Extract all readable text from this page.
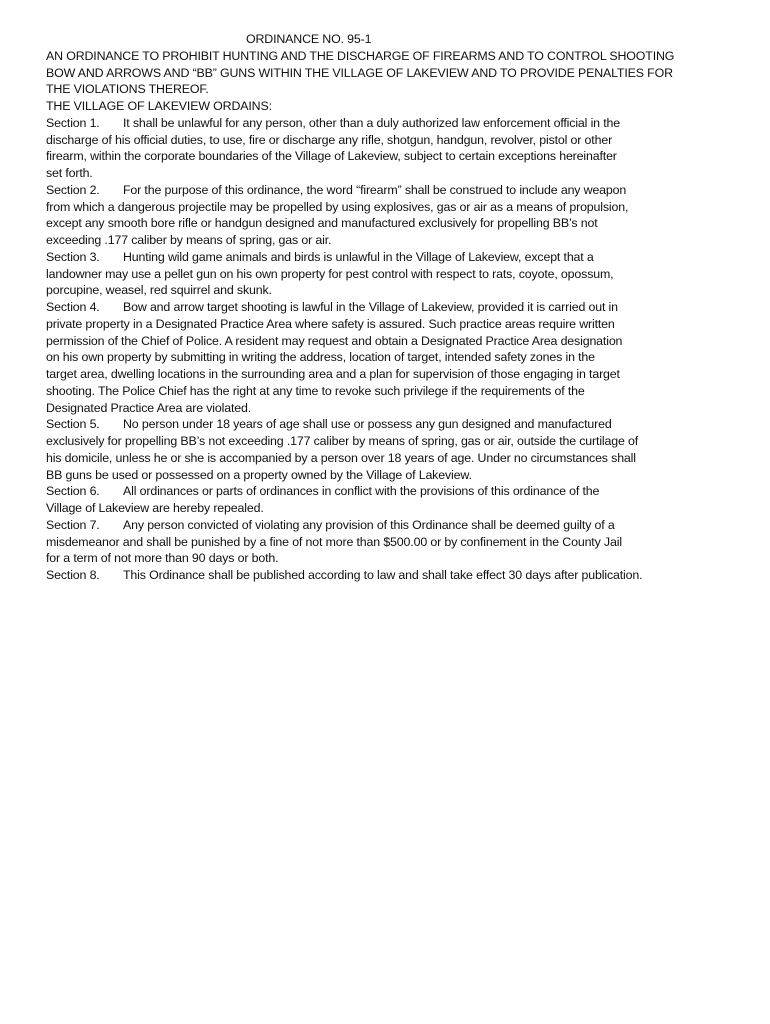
ORDINANCE NO. 95-1
AN ORDINANCE TO PROHIBIT HUNTING AND THE DISCHARGE OF FIREARMS AND TO CONTROL SHOOTING
BOW AND ARROWS AND “BB” GUNS WITHIN THE VILLAGE OF LAKEVIEW AND TO PROVIDE PENALTIES FOR
THE VIOLATIONS THEREOF.
THE VILLAGE OF LAKEVIEW ORDAINS:
Section 1. It shall be unlawful for any person, other than a duly authorized law enforcement official in the
discharge of his official duties, to use, fire or discharge any rifle, shotgun, handgun, revolver, pistol or other
firearm, within the corporate boundaries of the Village of Lakeview, subject to certain exceptions hereinafter
set forth.
Section 2. For the purpose of this ordinance, the word “firearm” shall be construed to include any weapon
from which a dangerous projectile may be propelled by using explosives, gas or air as a means of propulsion,
except any smooth bore rifle or handgun designed and manufactured exclusively for propelling BB’s not
exceeding .177 caliber by means of spring, gas or air.
Section 3. Hunting wild game animals and birds is unlawful in the Village of Lakeview, except that a
landowner may use a pellet gun on his own property for pest control with respect to rats, coyote, opossum,
porcupine, weasel, red squirrel and skunk.
Section 4. Bow and arrow target shooting is lawful in the Village of Lakeview, provided it is carried out in
private property in a Designated Practice Area where safety is assured. Such practice areas require written
permission of the Chief of Police. A resident may request and obtain a Designated Practice Area designation
on his own property by submitting in writing the address, location of target, intended safety zones in the
target area, dwelling locations in the surrounding area and a plan for supervision of those engaging in target
shooting. The Police Chief has the right at any time to revoke such privilege if the requirements of the
Designated Practice Area are violated.
Section 5. No person under 18 years of age shall use or possess any gun designed and manufactured
exclusively for propelling BB’s not exceeding .177 caliber by means of spring, gas or air, outside the curtilage of
his domicile, unless he or she is accompanied by a person over 18 years of age. Under no circumstances shall
BB guns be used or possessed on a property owned by the Village of Lakeview.
Section 6. All ordinances or parts of ordinances in conflict with the provisions of this ordinance of the
Village of Lakeview are hereby repealed.
Section 7. Any person convicted of violating any provision of this Ordinance shall be deemed guilty of a
misdemeanor and shall be punished by a fine of not more than $500.00 or by confinement in the County Jail
for a term of not more than 90 days or both.
Section 8. This Ordinance shall be published according to law and shall take effect 30 days after publication.
